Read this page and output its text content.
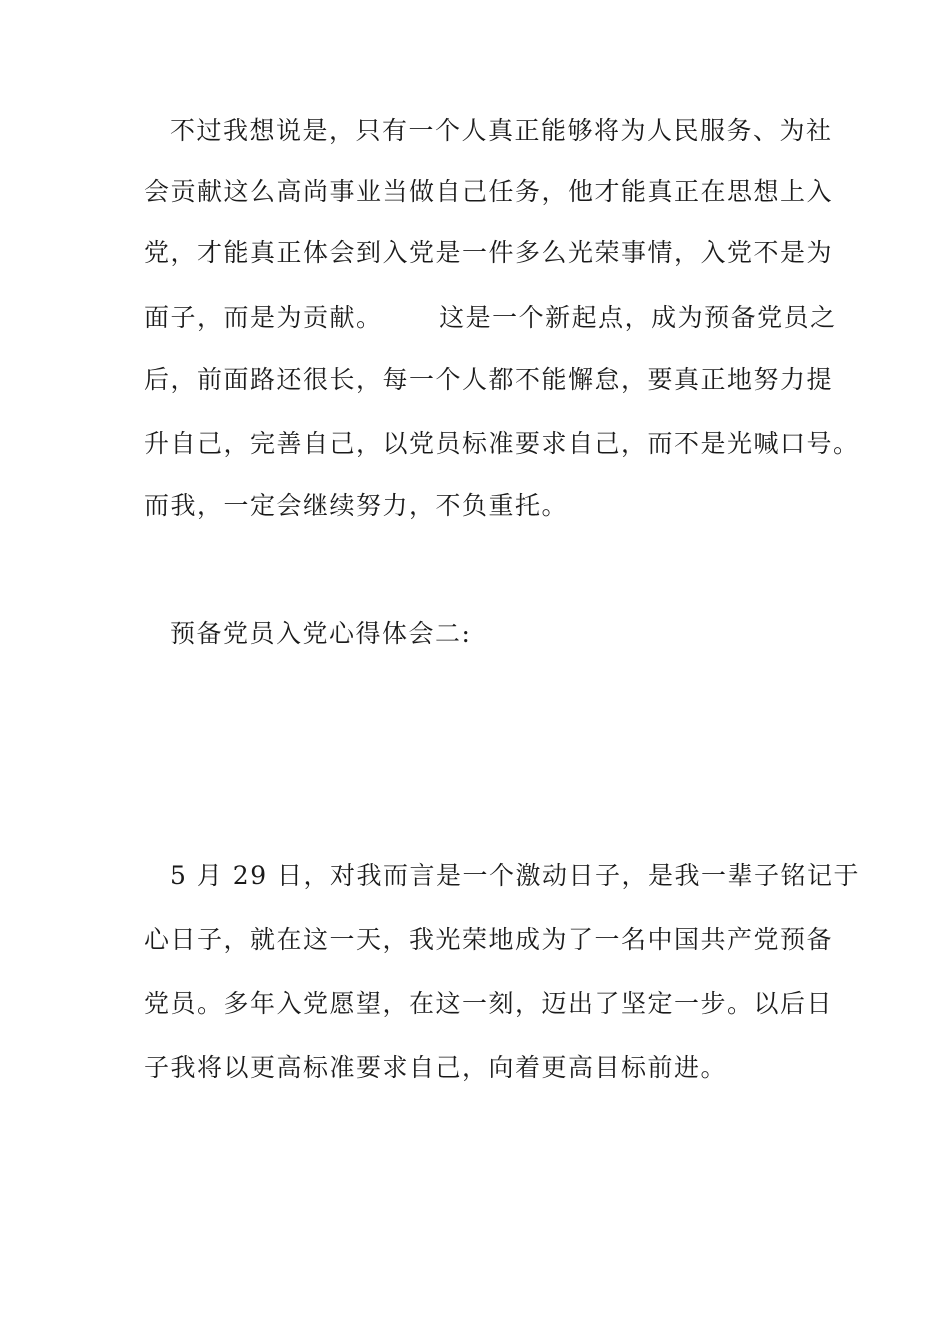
不过我想说是，只有一个人真正能够将为人民服务、为社
会贡献这么高尚事业当做自己任务，他才能真正在思想上入
党，才能真正体会到入党是一件多么光荣事情，入党不是为
面子，而是为贡献。      这是一个新起点，成为预备党员之
后，前面路还很长，每一个人都不能懈怠，要真正地努力提
升自己，完善自己，以党员标准要求自己，而不是光喊口号。
而我，一定会继续努力，不负重托。
预备党员入党心得体会二:
5 月 29 日，对我而言是一个激动日子，是我一辈子铭记于
心日子，就在这一天，我光荣地成为了一名中国共产党预备
党员。多年入党愿望，在这一刻，迈出了坚定一步。以后日
子我将以更高标准要求自己，向着更高目标前进。
